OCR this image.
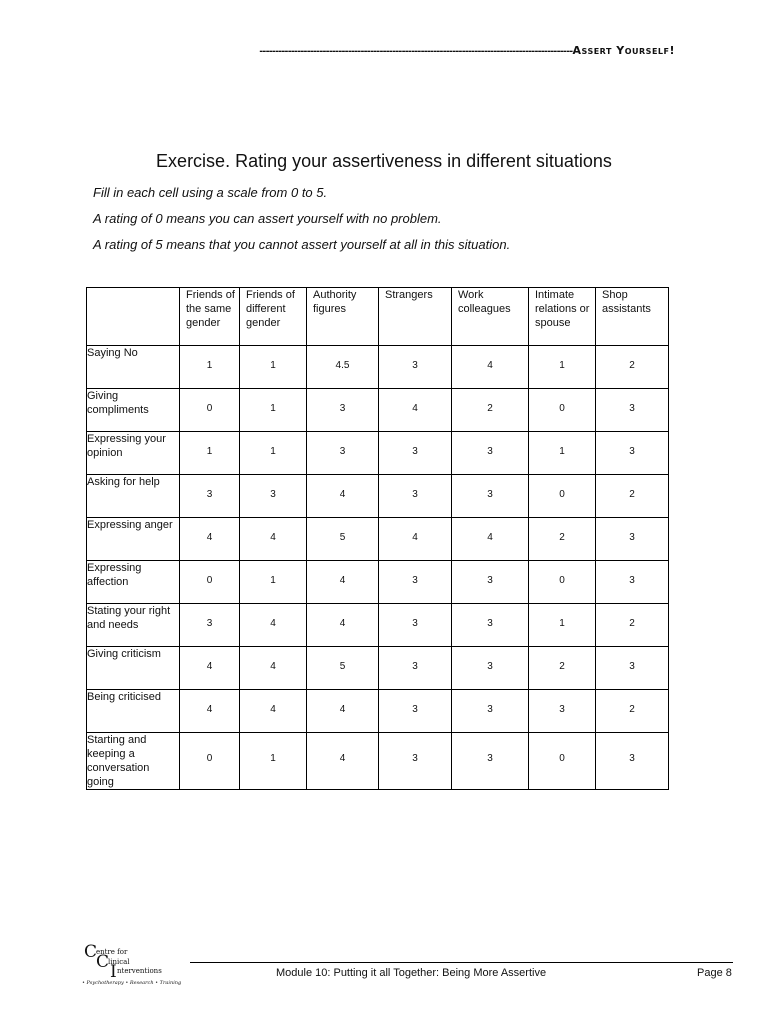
---------------------------------------------------------------------------------------------------Assert Yourself!
Exercise. Rating your assertiveness in different situations
Fill in each cell using a scale from 0 to 5.
A rating of 0 means you can assert yourself with no problem.
A rating of 5 means that you cannot assert yourself at all in this situation.
	Friends of the same gender	Friends of different gender	Authority figures	Strangers	Work colleagues	Intimate relations or spouse	Shop assistants
Saying No	1	1	4.5	3	4	1	2

Giving compliments	0	1	3	4	2	0	3

Expressing your opinion	1	1	3	3	3	1	3

Asking for help	3	3	4	3	3	0	2

Expressing anger	4	4	5	4	4	2	3

Expressing affection	0	1	4	3	3	0	3

Stating your right and needs	3	4	4	3	3	1	2

Giving criticism	4	4	5	3	3	2	3

Being criticised	4	4	4	3	3	3	2

Starting and keeping a conversation going	0	1	4	3	3	0	3
C
entre for
C
linical
I nterventions
• Psychotherapy • Research • Training
Module 10: Putting it all Together: Being More Assertive	Page 8
